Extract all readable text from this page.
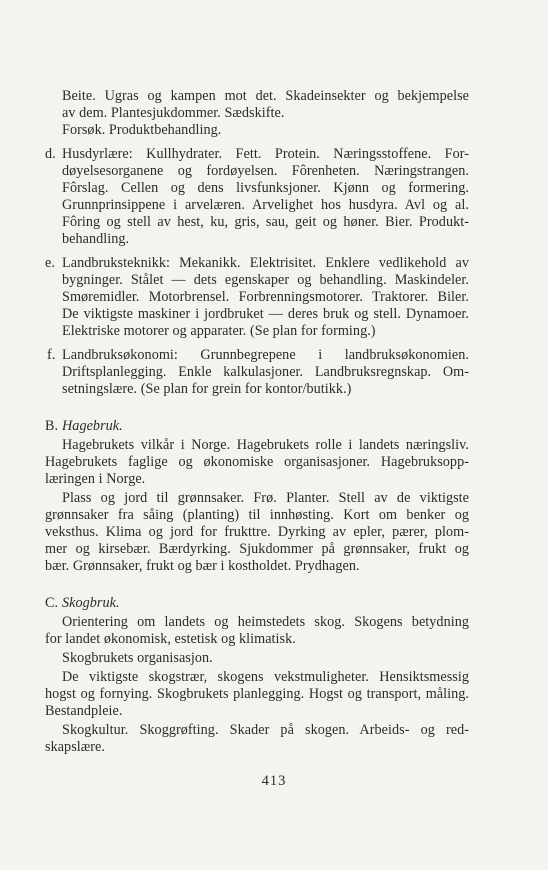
Beite. Ugras og kampen mot det. Skadeinsekter og bekjempelse
av dem. Plantesjukdommer. Sædskifte.
Forsøk. Produktbehandling.
d. Husdyrlære: Kullhydrater. Fett. Protein. Næringsstoffene. For-
døyelsesorganene og fordøyelsen. Fôrenheten. Næringstrangen.
Fôrslag. Cellen og dens livsfunksjoner. Kjønn og formering.
Grunnprinsippene i arvelæren. Arvelighet hos husdyra. Avl og al.
Fôring og stell av hest, ku, gris, sau, geit og høner. Bier. Produkt-
behandling.
e. Landbruksteknikk: Mekanikk. Elektrisitet. Enklere vedlikehold av
bygninger. Stålet — dets egenskaper og behandling. Maskindeler.
Smøremidler. Motorbrensel. Forbrenningsmotorer. Traktorer. Biler.
De viktigste maskiner i jordbruket — deres bruk og stell. Dynamoer.
Elektriske motorer og apparater. (Se plan for forming.)
f. Landbruksøkonomi: Grunnbegrepene i landbruksøkonomien.
Driftsplanlegging. Enkle kalkulasjoner. Landbruksregnskap. Om-
setningslære. (Se plan for grein for kontor/butikk.)
B. Hagebruk.
Hagebrukets vilkår i Norge. Hagebrukets rolle i landets næringsliv.
Hagebrukets faglige og økonomiske organisasjoner. Hagebruksopp-
læringen i Norge.
Plass og jord til grønnsaker. Frø. Planter. Stell av de viktigste
grønnsaker fra såing (planting) til innhøsting. Kort om benker og
veksthus. Klima og jord for frukttre. Dyrking av epler, pærer, plom-
mer og kirsebær. Bærdyrking. Sjukdommer på grønnsaker, frukt og
bær. Grønnsaker, frukt og bær i kostholdet. Prydhagen.
C. Skogbruk.
Orientering om landets og heimstedets skog. Skogens betydning
for landet økonomisk, estetisk og klimatisk.
Skogbrukets organisasjon.
De viktigste skogstrær, skogens vekstmuligheter. Hensiktsmessig
hogst og fornying. Skogbrukets planlegging. Hogst og transport, måling.
Bestandpleie.
Skogkultur. Skoggrøfting. Skader på skogen. Arbeids- og red-
skapslære.
413
